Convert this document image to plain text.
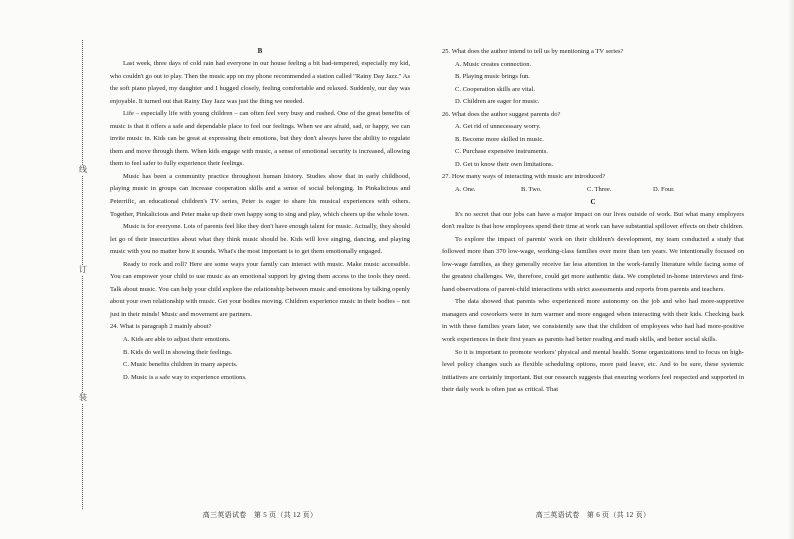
线
订
装
B

Last week, three days of cold rain had everyone in our house feeling a bit bad-tempered, especially my kid, who couldn't go out to play. Then the music app on my phone recommended a station called "Rainy Day Jazz." As the soft piano played, my daughter and I hugged closely, feeling comfortable and relaxed. Suddenly, our day was enjoyable. It turned out that Rainy Day Jazz was just the thing we needed.

Life – especially life with young children – can often feel very busy and rushed. One of the great benefits of music is that it offers a safe and dependable place to feel our feelings. When we are afraid, sad, or happy, we can invite music in. Kids can be great at expressing their emotions, but they don't always have the ability to regulate them and move through them. When kids engage with music, a sense of emotional security is increased, allowing them to feel safer to fully experience their feelings.

Music has been a community practice throughout human history. Studies show that in early childhood, playing music in groups can increase cooperation skills and a sense of social belonging. In Pinkalicious and Peterrific, an educational children's TV series, Peter is eager to share his musical experiences with others. Together, Pinkalicious and Peter make up their own happy song to sing and play, which cheers up the whole town.

Music is for everyone. Lots of parents feel like they don't have enough talent for music. Actually, they should let go of their insecurities about what they think music should be. Kids will love singing, dancing, and playing music with you no matter how it sounds. What's the most important is to get them emotionally engaged.

Ready to rock and roll? Here are some ways your family can interact with music. Make music accessible. You can empower your child to use music as an emotional support by giving them access to the tools they need. Talk about music. You can help your child explore the relationship between music and emotions by talking openly about your own relationship with music. Get your bodies moving. Children experience music in their bodies – not just in their minds! Music and movement are partners.

24. What is paragraph 2 mainly about?
A. Kids are able to adjust their emotions.
B. Kids do well in showing their feelings.
C. Music benefits children in many aspects.
D. Music is a safe way to experience emotions.
高三英语试卷　第 5 页（共 12 页）
25. What does the author intend to tell us by mentioning a TV series?
A. Music creates connection.
B. Playing music brings fun.
C. Cooperation skills are vital.
D. Children are eager for music.
26. What does the author suggest parents do?
A. Get rid of unnecessary worry.
B. Become more skilled in music.
C. Purchase expensive instruments.
D. Get to know their own limitations.
27. How many ways of interacting with music are introduced?
A. One.	B. Two.	C. Three.	D. Four.
C

It's no secret that our jobs can have a major impact on our lives outside of work. But what many employers don't realize is that how employees spend their time at work can have substantial spillover effects on their children.

To explore the impact of parents' work on their children's development, my team conducted a study that followed more than 370 low-wage, working-class families over more than ten years. We intentionally focused on low-wage families, as they generally receive far less attention in the work-family literature while facing some of the greatest challenges. We, therefore, could get more authentic data. We completed in-home interviews and first-hand observations of parent-child interactions with strict assessments and reports from parents and teachers.

The data showed that parents who experienced more autonomy on the job and who had more-supportive managers and coworkers were in turn warmer and more engaged when interacting with their kids. Checking back in with these families years later, we consistently saw that the children of employees who had had more-positive work experiences in their first years as parents had better reading and math skills, and better social skills.

So it is important to promote workers' physical and mental health. Some organizations tend to focus on high-level policy changes such as flexible scheduling options, more paid leave, etc. And to be sure, these systemic initiatives are certainly important. But our research suggests that ensuring workers feel respected and supported in their daily work is often just as critical. That

高三英语试卷　第 6 页（共 12 页）
